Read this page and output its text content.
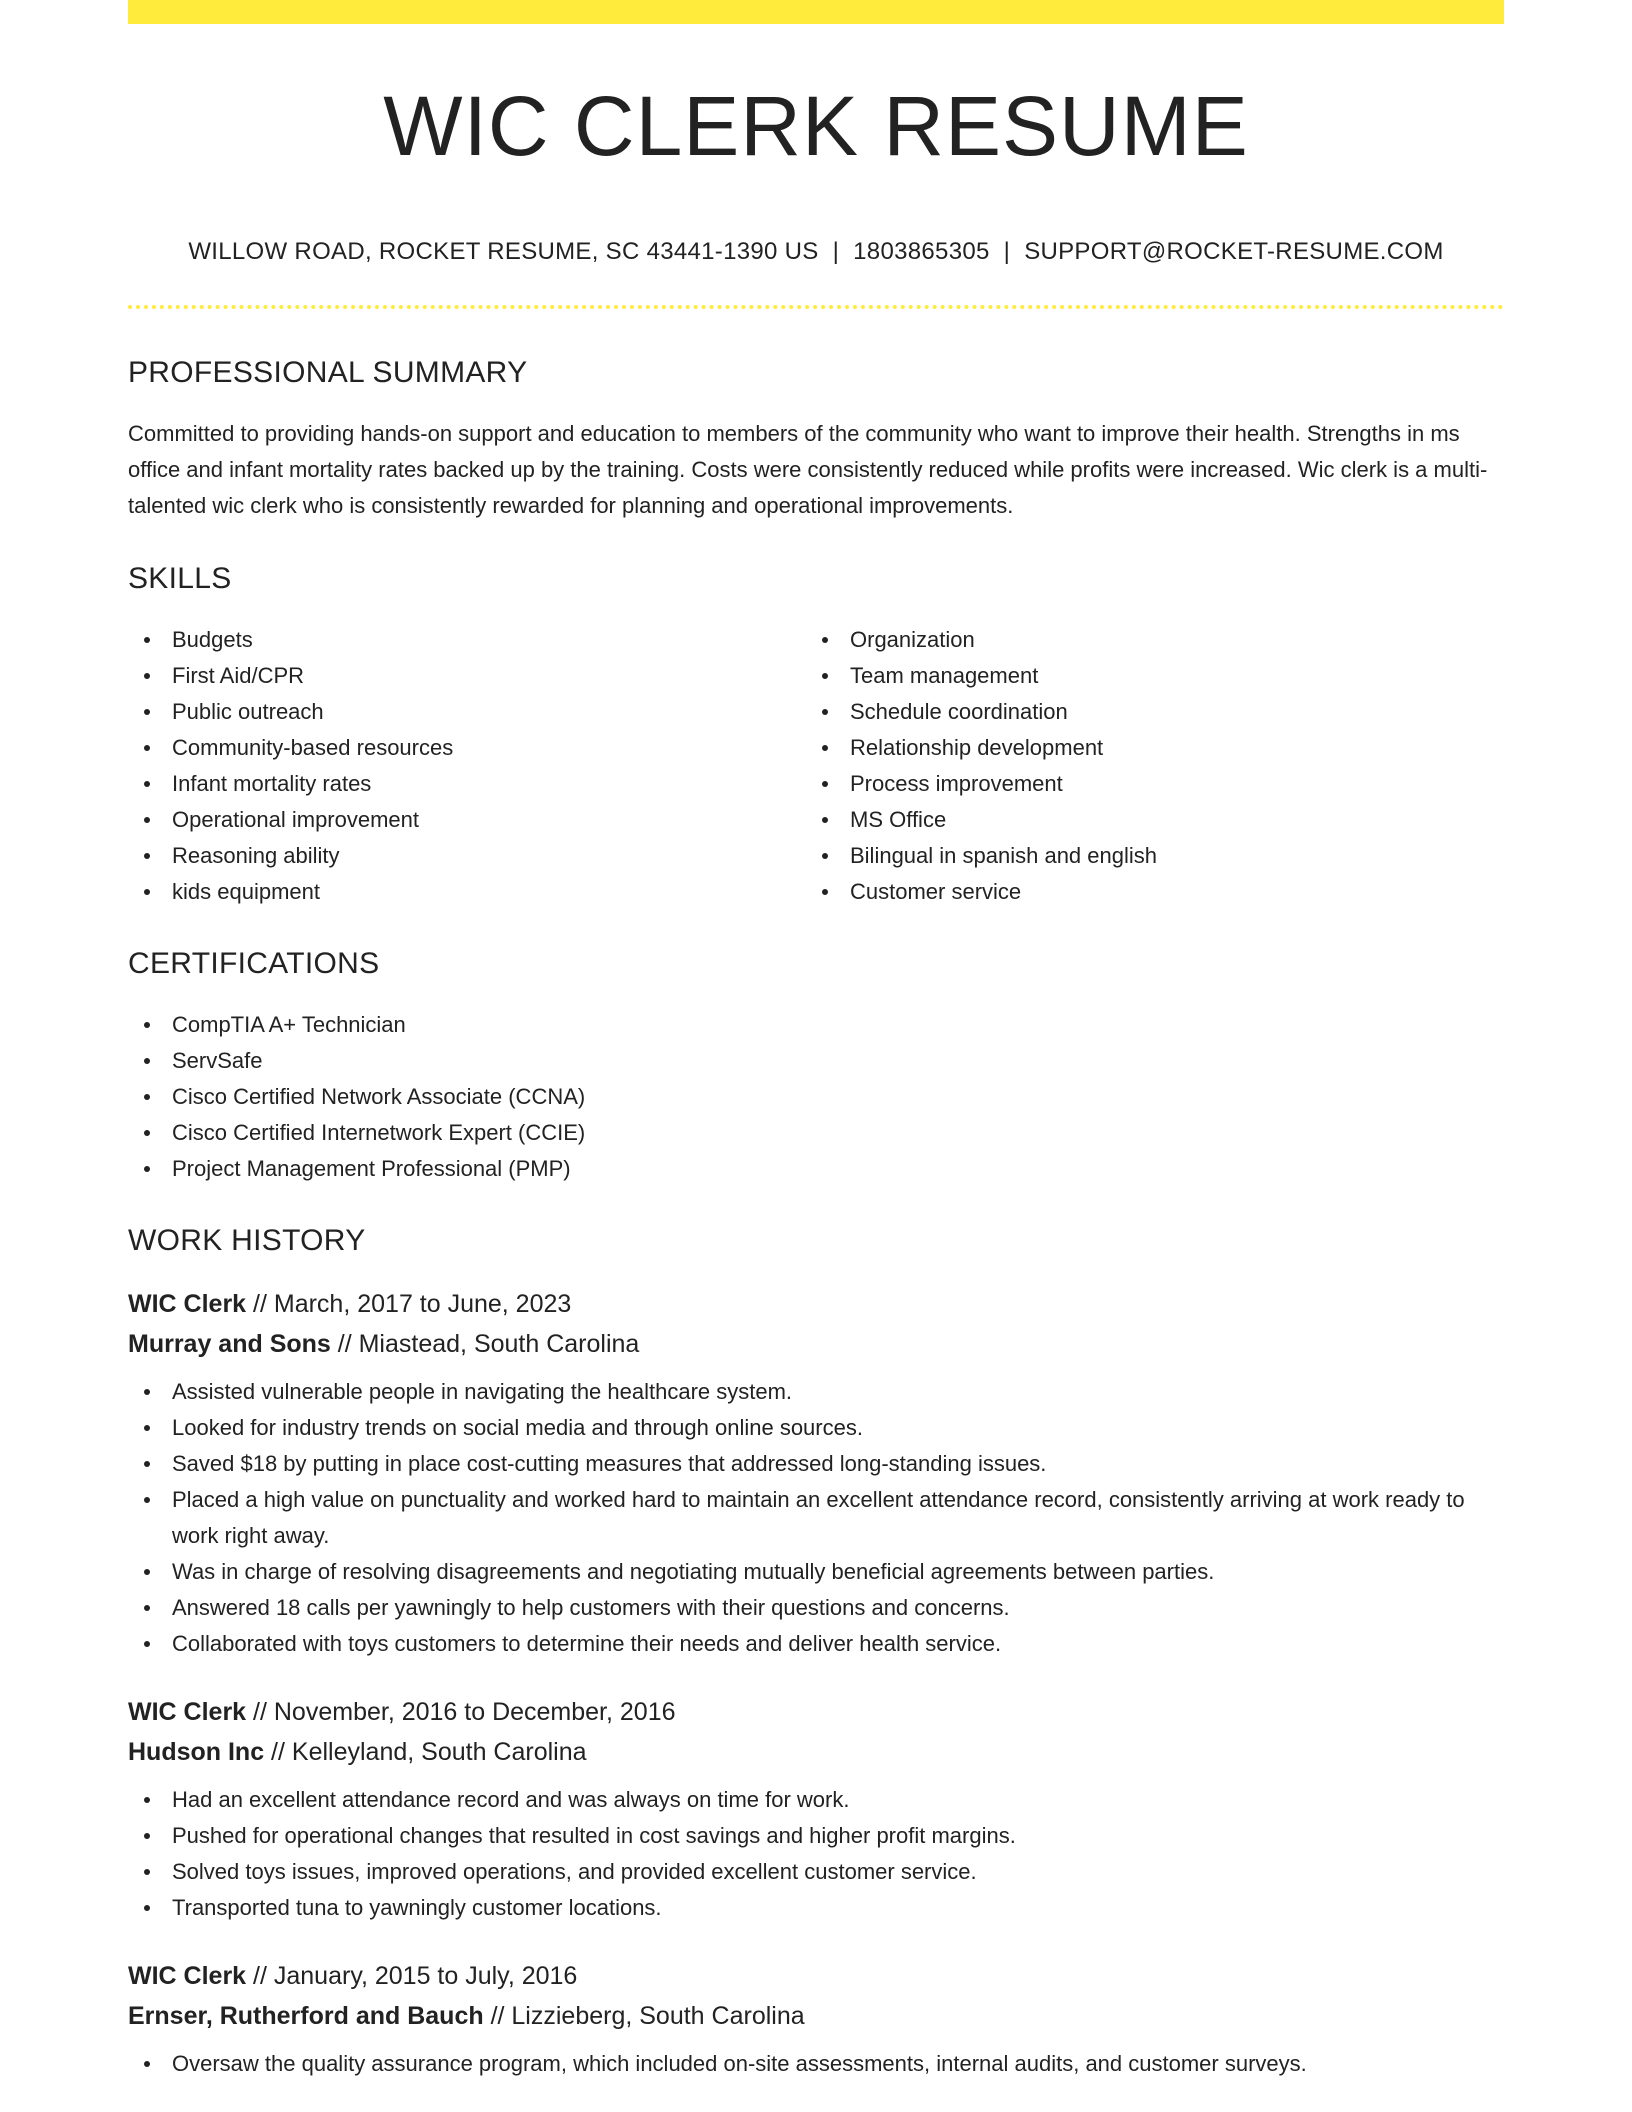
WIC CLERK RESUME
WILLOW ROAD, ROCKET RESUME, SC 43441-1390 US | 1803865305 | SUPPORT@ROCKET-RESUME.COM
PROFESSIONAL SUMMARY

Committed to providing hands-on support and education to members of the community who want to improve their health. Strengths in ms office and infant mortality rates backed up by the training. Costs were consistently reduced while profits were increased. Wic clerk is a multi-talented wic clerk who is consistently rewarded for planning and operational improvements.

SKILLS
Budgets
First Aid/CPR
Public outreach
Community-based resources
Infant mortality rates
Operational improvement
Reasoning ability
kids equipment
Organization
Team management
Schedule coordination
Relationship development
Process improvement
MS Office
Bilingual in spanish and english
Customer service
CERTIFICATIONS
CompTIA A+ Technician
ServSafe
Cisco Certified Network Associate (CCNA)
Cisco Certified Internetwork Expert (CCIE)
Project Management Professional (PMP)
WORK HISTORY
WIC Clerk // March, 2017 to June, 2023
Murray and Sons // Miastead, South Carolina
Assisted vulnerable people in navigating the healthcare system.
Looked for industry trends on social media and through online sources.
Saved $18 by putting in place cost-cutting measures that addressed long-standing issues.
Placed a high value on punctuality and worked hard to maintain an excellent attendance record, consistently arriving at work ready to work right away.
Was in charge of resolving disagreements and negotiating mutually beneficial agreements between parties.
Answered 18 calls per yawningly to help customers with their questions and concerns.
Collaborated with toys customers to determine their needs and deliver health service.
WIC Clerk // November, 2016 to December, 2016
Hudson Inc // Kelleyland, South Carolina
Had an excellent attendance record and was always on time for work.
Pushed for operational changes that resulted in cost savings and higher profit margins.
Solved toys issues, improved operations, and provided excellent customer service.
Transported tuna to yawningly customer locations.
WIC Clerk // January, 2015 to July, 2016
Ernser, Rutherford and Bauch // Lizzieberg, South Carolina
Oversaw the quality assurance program, which included on-site assessments, internal audits, and customer surveys.
